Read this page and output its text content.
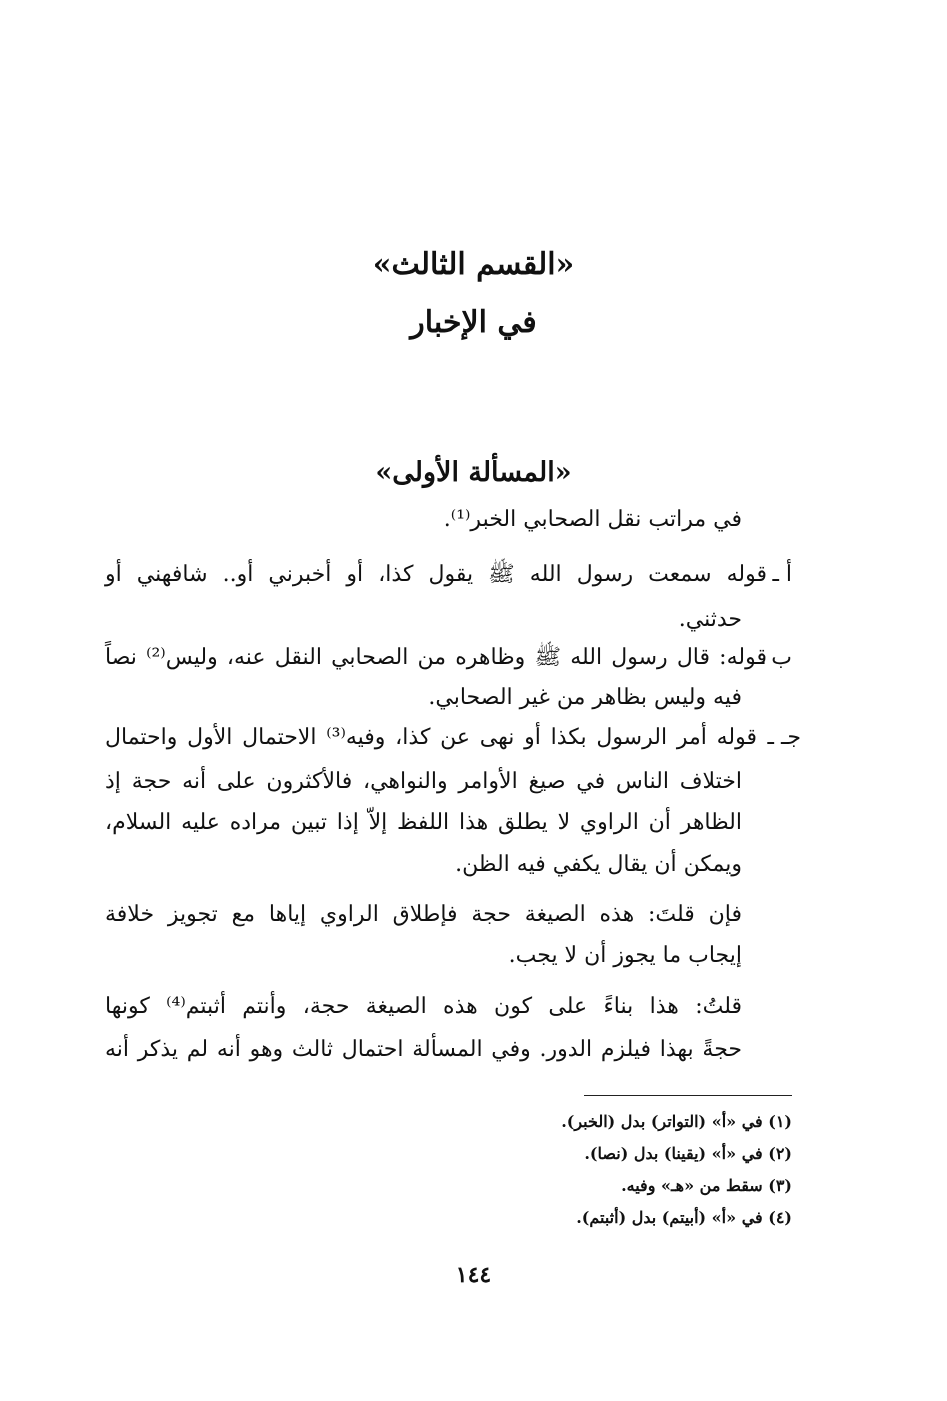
«القسم الثالث»
في الإخبار
«المسألة الأولى»
في مراتب نقل الصحابي الخبر⁽¹⁾.
أ ـ
قوله سمعت رسول الله ﷺ يقول كذا، أو أخبرني أو.. شافهني أو
حدثني.
ب ـ
قوله: قال رسول الله ﷺ وظاهره من الصحابي النقل عنه، وليس⁽²⁾ نصاً
فيه وليس بظاهر من غير الصحابي.
جـ ـ
قوله أمر الرسول بكذا أو نهى عن كذا، وفيه⁽³⁾ الاحتمال الأول واحتمال
اختلاف الناس في صيغ الأوامر والنواهي، فالأكثرون على أنه حجة إذ
الظاهر أن الراوي لا يطلق هذا اللفظ إلاّ إذا تبين مراده عليه السلام،
ويمكن أن يقال يكفي فيه الظن.
فإن قلتَ: هذه الصيغة حجة فإطلاق الراوي إياها مع تجويز خلافة
إيجاب ما يجوز أن لا يجب.
قلتُ: هذا بناءً على كون هذه الصيغة حجة، وأنتم أثبتم⁽⁴⁾ كونها
حجةً بهذا فيلزم الدور. وفي المسألة احتمال ثالث وهو أنه لم يذكر أنه
(١) في «أ» (التواتر) بدل (الخبر).
(٢) في «أ» (يقينا) بدل (نصا).
(٣) سقط من «هـ» وفيه.
(٤) في «أ» (أبيتم) بدل (أثبتم).
١٤٤
